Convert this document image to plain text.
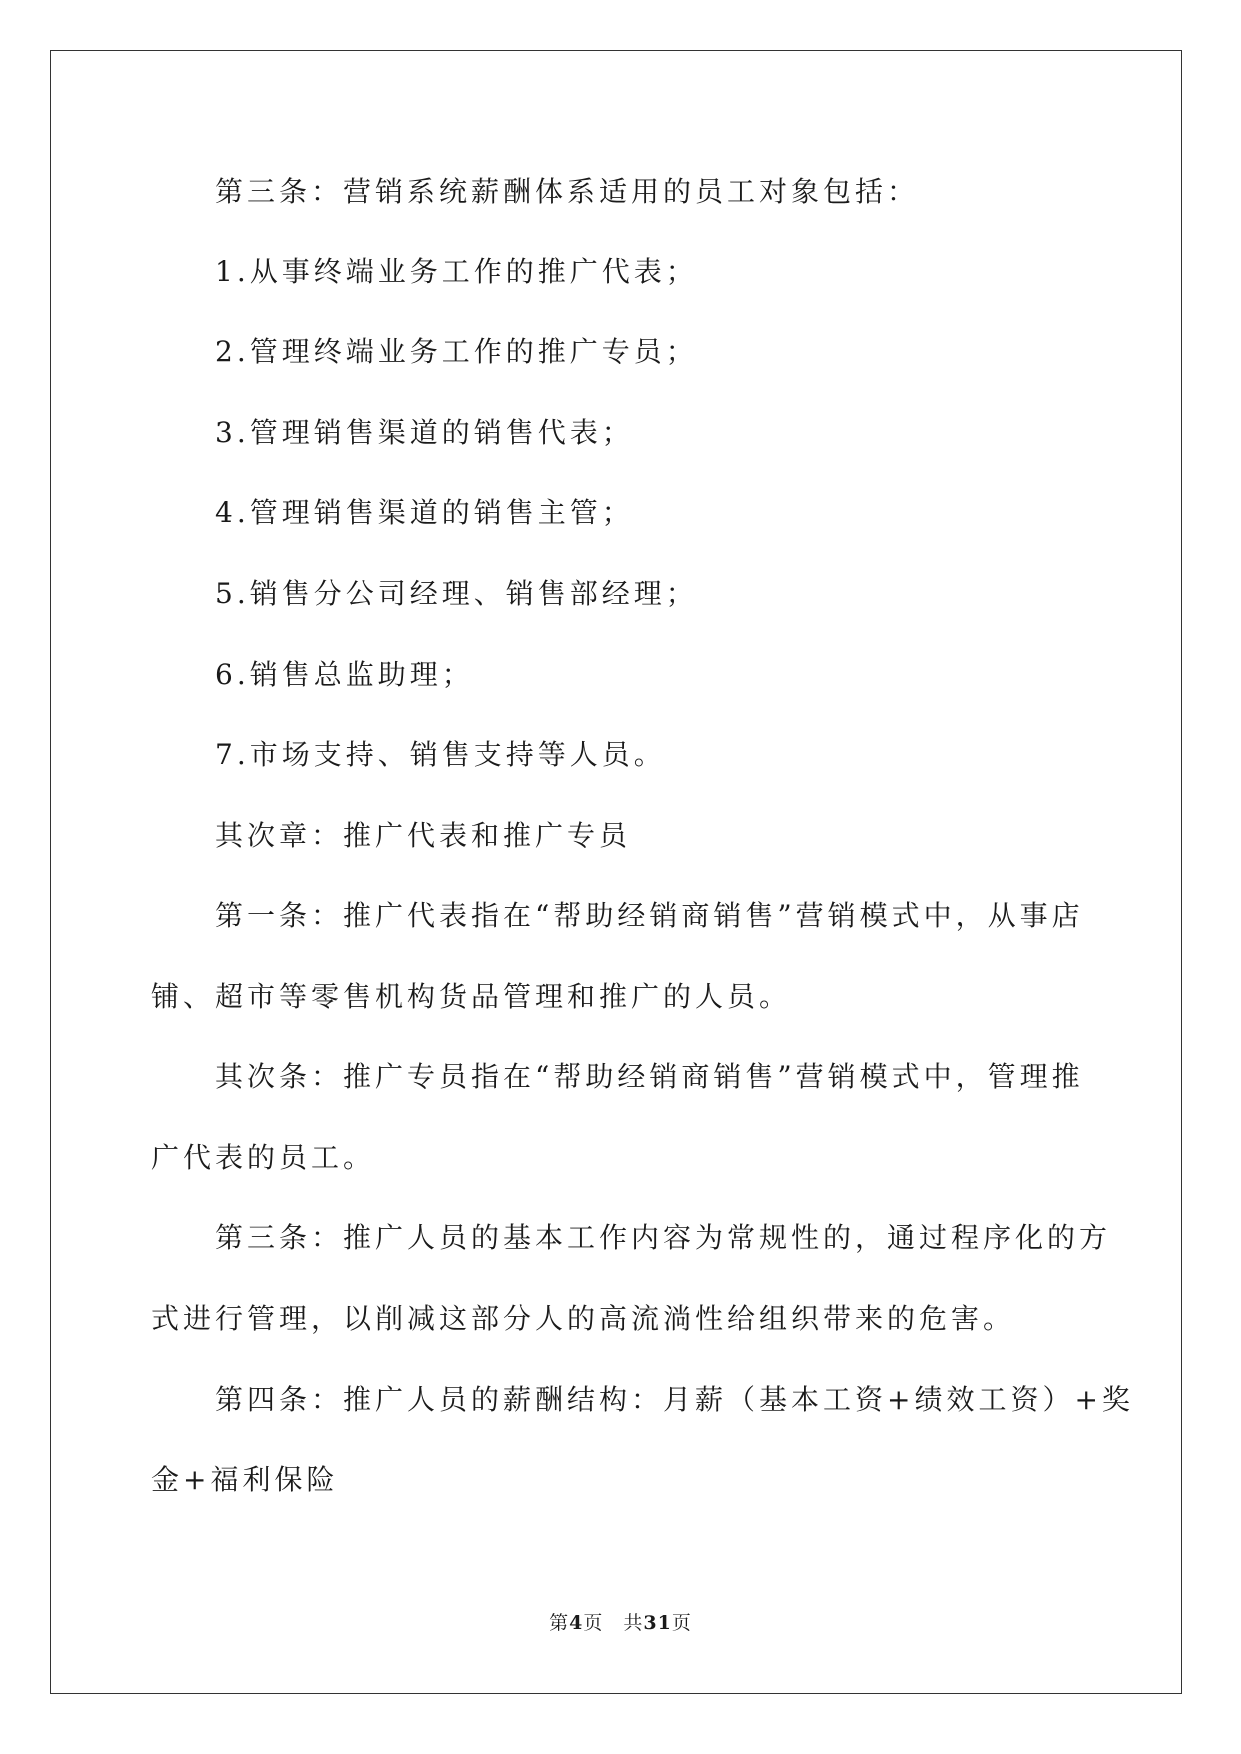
第三条：营销系统薪酬体系适用的员工对象包括：
1.从事终端业务工作的推广代表；
2.管理终端业务工作的推广专员；
3.管理销售渠道的销售代表；
4.管理销售渠道的销售主管；
5.销售分公司经理、销售部经理；
6.销售总监助理；
7.市场支持、销售支持等人员。
其次章：推广代表和推广专员
第一条：推广代表指在“帮助经销商销售”营销模式中，从事店
铺、超市等零售机构货品管理和推广的人员。
其次条：推广专员指在“帮助经销商销售”营销模式中，管理推
广代表的员工。
第三条：推广人员的基本工作内容为常规性的，通过程序化的方
式进行管理，以削减这部分人的高流淌性给组织带来的危害。
第四条：推广人员的薪酬结构：月薪（基本工资+绩效工资）+奖
金+福利保险
第4页　共31页
